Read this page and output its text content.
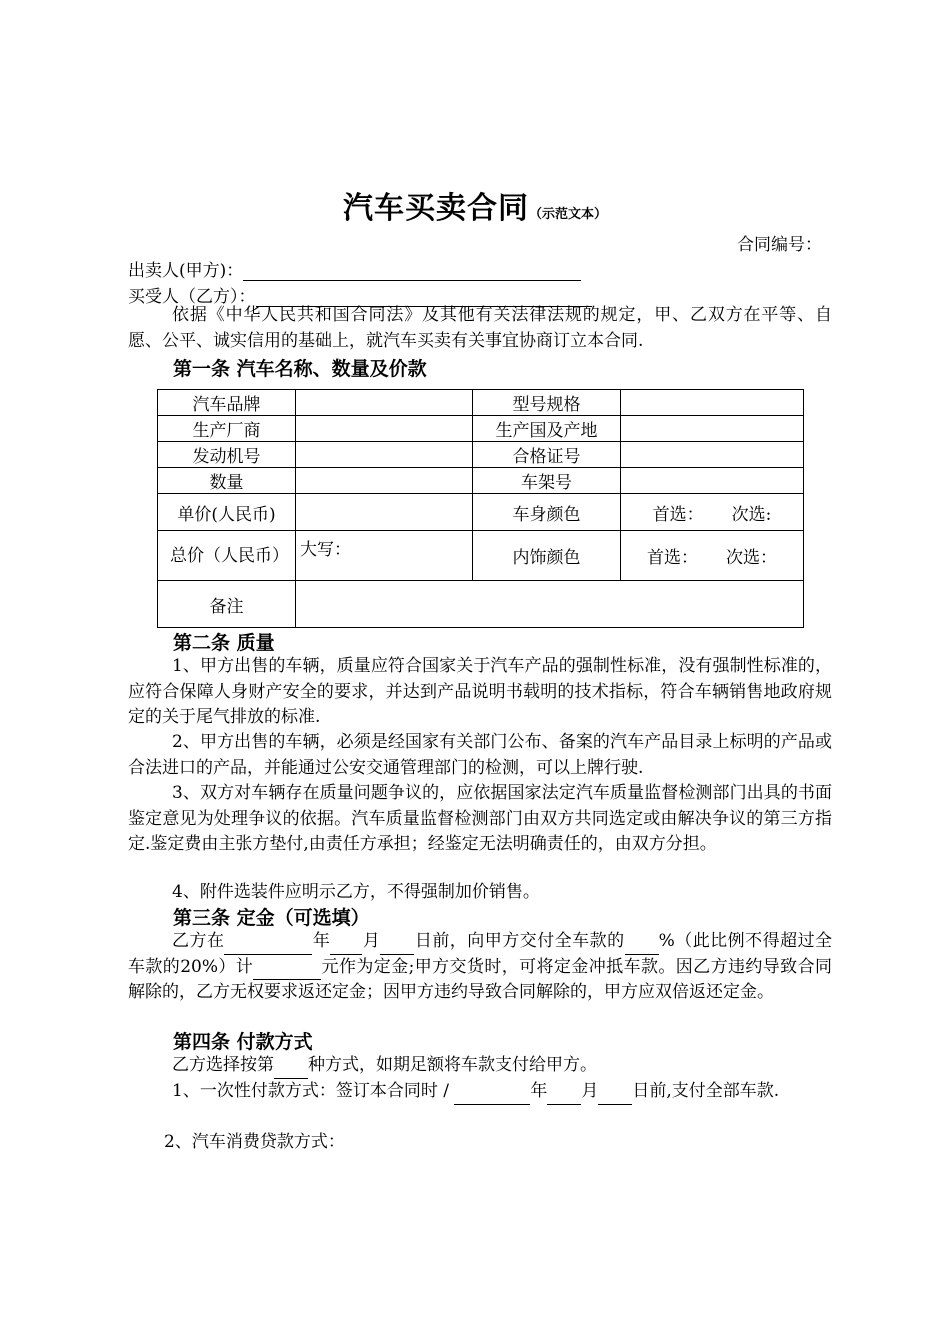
汽车买卖合同（示范文本）
合同编号：
出卖人(甲方)：
买受人（乙方）：
依据《中华人民共和国合同法》及其他有关法律法规的规定，甲、乙双方在平等、自愿、公平、诚实信用的基础上，就汽车买卖有关事宜协商订立本合同.
第一条 汽车名称、数量及价款
汽车品牌		型号规格	
生产厂商		生产国及产地	
发动机号		合格证号	
数量		车架号	
单价(人民币)		车身颜色	首选： 次选:
总价（人民币）	大写：	内饰颜色	首选： 次选：
备注			
第二条 质量
1、甲方出售的车辆，质量应符合国家关于汽车产品的强制性标准，没有强制性标准的，应符合保障人身财产安全的要求，并达到产品说明书载明的技术指标，符合车辆销售地政府规定的关于尾气排放的标准.
2、甲方出售的车辆，必须是经国家有关部门公布、备案的汽车产品目录上标明的产品或合法进口的产品，并能通过公安交通管理部门的检测，可以上牌行驶.
3、双方对车辆存在质量问题争议的，应依据国家法定汽车质量监督检测部门出具的书面鉴定意见为处理争议的依据。汽车质量监督检测部门由双方共同选定或由解决争议的第三方指定.鉴定费由主张方垫付,由责任方承担；经鉴定无法明确责任的，由双方分担。
4、附件选装件应明示乙方，不得强制加价销售。
第三条 定金（可选填）
乙方在	年 月 日前，向甲方交付全车款的 %（此比例不得超过全车款的20%）计	元作为定金;甲方交货时，可将定金冲抵车款。因乙方违约导致合同解除的，乙方无权要求返还定金；因甲方违约导致合同解除的，甲方应双倍返还定金。
第四条 付款方式
乙方选择按第 种方式，如期足额将车款支付给甲方。
1、一次性付款方式：签订本合同时 /	年 月 日前,支付全部车款.
2、汽车消费贷款方式：
